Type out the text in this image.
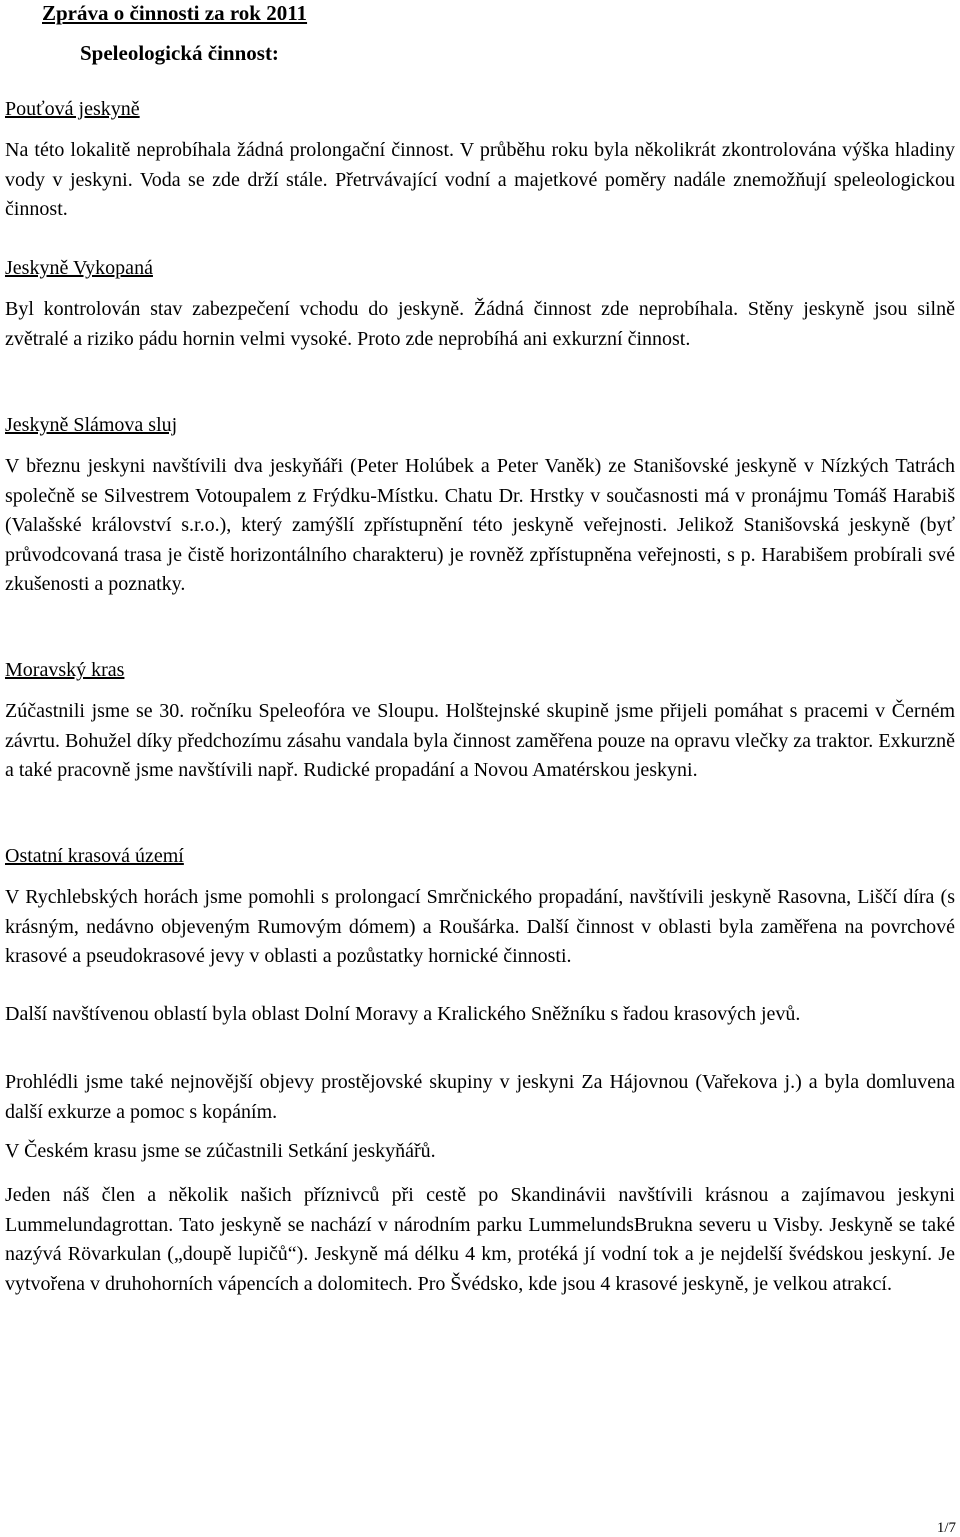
Zpráva o činnosti za rok 2011
Speleologická činnost:
Pouťová jeskyně

Na této lokalitě neprobíhala žádná prolongační činnost. V průběhu roku byla několikrát zkontrolována výška hladiny vody v jeskyni. Voda se zde drží stále. Přetrvávající vodní a majetkové poměry nadále znemožňují speleologickou činnost.

Jeskyně Vykopaná

Byl kontrolován stav zabezpečení vchodu do jeskyně. Žádná činnost zde neprobíhala. Stěny jeskyně jsou silně zvětralé a riziko pádu hornin velmi vysoké. Proto zde neprobíhá ani exkurzní činnost.

Jeskyně Slámova sluj

V březnu jeskyni navštívili dva jeskyňáři (Peter Holúbek a Peter Vaněk) ze Stanišovské jeskyně v Nízkých Tatrách společně se Silvestrem Votoupalem z Frýdku-Místku. Chatu Dr. Hrstky v současnosti má v pronájmu Tomáš Harabiš (Valašské království s.r.o.), který zamýšlí zpřístupnění této jeskyně veřejnosti. Jelikož Stanišovská jeskyně (byť průvodcovaná trasa je čistě horizontálního charakteru) je rovněž zpřístupněna veřejnosti, s p. Harabišem probírali své zkušenosti a poznatky.

Moravský kras

Zúčastnili jsme se 30. ročníku Speleofóra ve Sloupu. Holštejnské skupině jsme přijeli pomáhat s pracemi v Černém závrtu. Bohužel díky předchozímu zásahu vandala byla činnost zaměřena pouze na opravu vlečky za traktor. Exkurzně a také pracovně jsme navštívili např. Rudické propadání a Novou Amatérskou jeskyni.

Ostatní krasová území

V Rychlebských horách jsme pomohli s prolongací Smrčnického propadání, navštívili jeskyně Rasovna, Liščí díra (s krásným, nedávno objeveným Rumovým dómem) a Roušárka. Další činnost v oblasti byla zaměřena na povrchové krasové a pseudokrasové jevy v oblasti a pozůstatky hornické činnosti.

Další navštívenou oblastí byla oblast Dolní Moravy a Kralického Sněžníku s řadou krasových jevů.

Prohlédli jsme také nejnovější objevy prostějovské skupiny v jeskyni Za Hájovnou (Vařekova j.) a byla domluvena další exkurze a pomoc s kopáním.

V Českém krasu jsme se zúčastnili Setkání jeskyňářů.

Jeden náš člen a několik našich příznivců při cestě po Skandinávii navštívili krásnou a zajímavou jeskyni Lummelundagrottan. Tato jeskyně se nachází v národním parku LummelundsBrukna severu u Visby. Jeskyně se také nazývá Rövarkulan („doupě lupičů“). Jeskyně má délku 4 km, protéká jí vodní tok a je nejdelší švédskou jeskyní. Je vytvořena v druhohorních vápencích a dolomitech. Pro Švédsko, kde jsou 4 krasové jeskyně, je velkou atrakcí.

1/7
